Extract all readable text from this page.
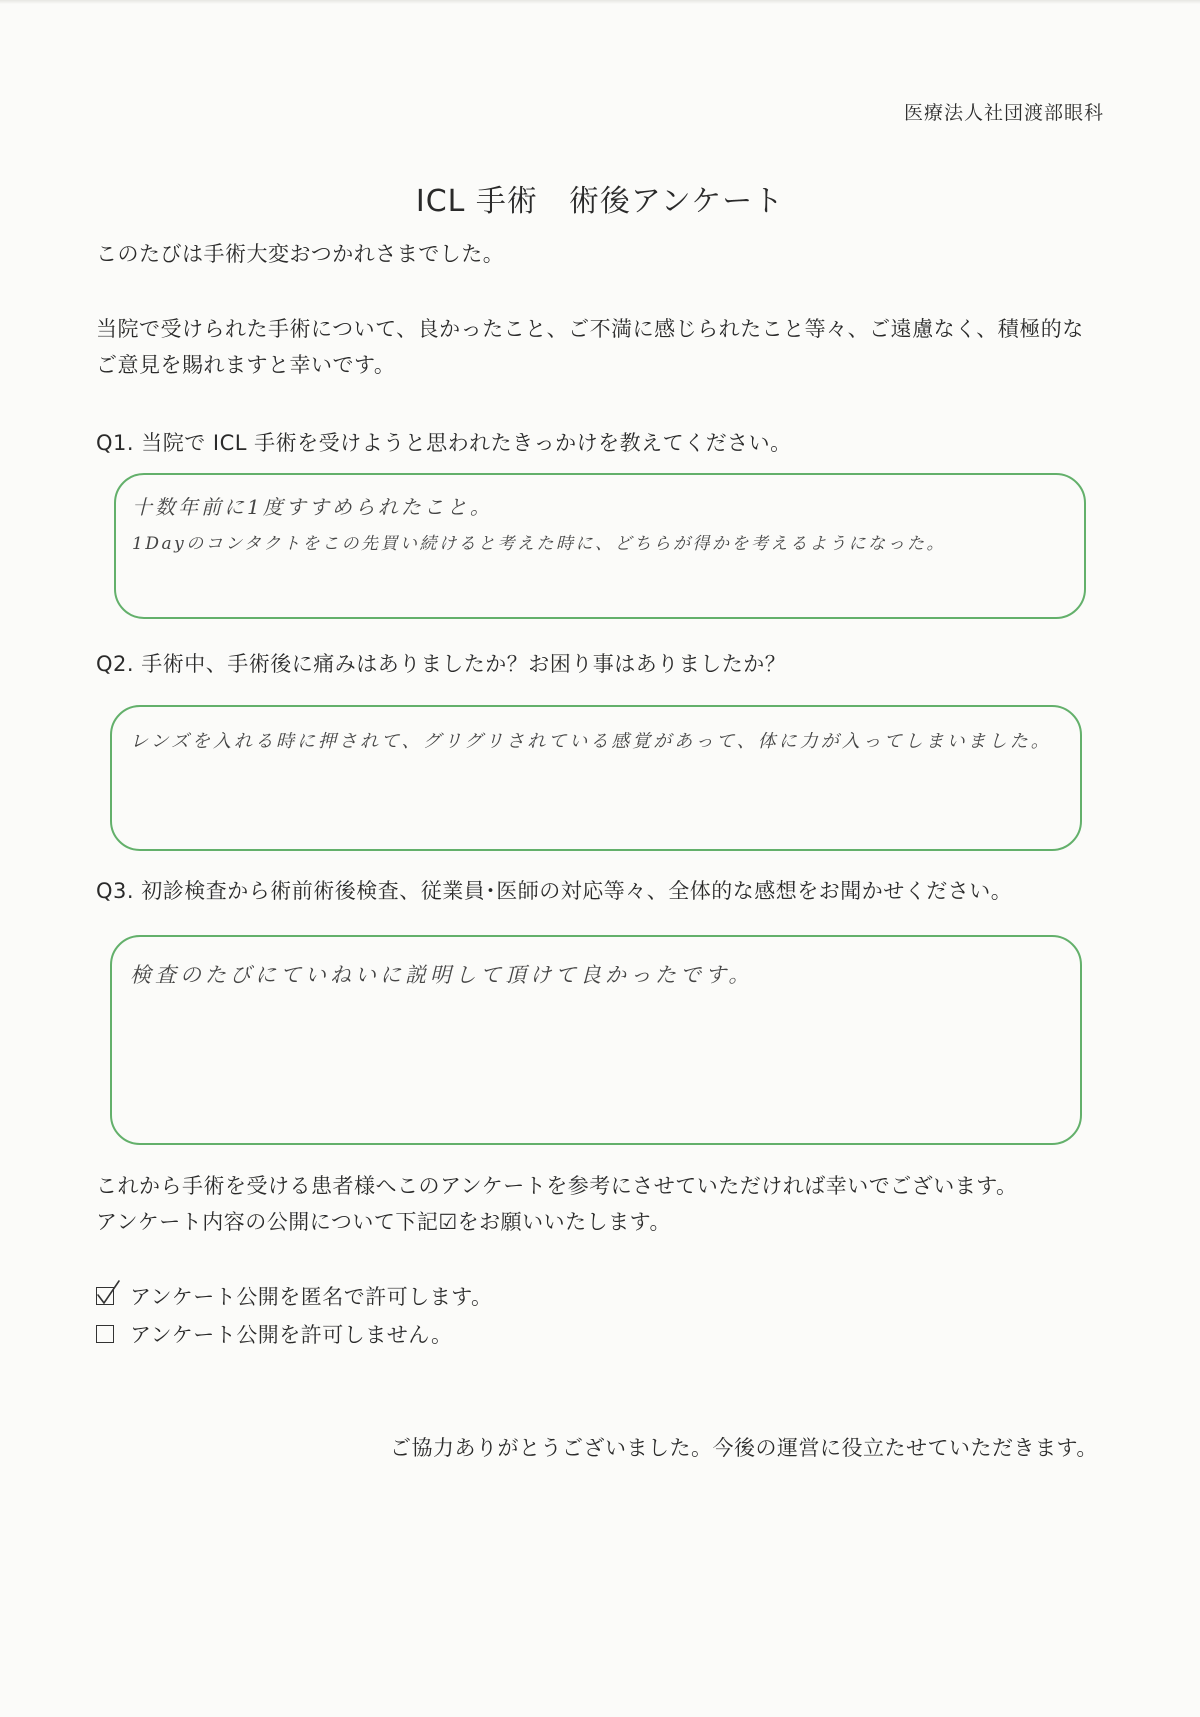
医療法人社団渡部眼科
ICL 手術　術後アンケート
このたびは手術大変おつかれさまでした。
当院で受けられた手術について、良かったこと、ご不満に感じられたこと等々、ご遠慮なく、積極的な
ご意見を賜れますと幸いです。
Q1. 当院で ICL 手術を受けようと思われたきっかけを教えてください。
十数年前に1度すすめられたこと。
1Dayのコンタクトをこの先買い続けると考えた時に、どちらが得かを考えるようになった。
Q2. 手術中、手術後に痛みはありましたか？お困り事はありましたか？
レンズを入れる時に押されて、グリグリされている感覚があって、体に力が入ってしまいました。
Q3. 初診検査から術前術後検査、従業員･医師の対応等々、全体的な感想をお聞かせください。
検査のたびにていねいに説明して頂けて良かったです。
これから手術を受ける患者様へこのアンケートを参考にさせていただければ幸いでございます。
アンケート内容の公開について下記☑をお願いいたします。
アンケート公開を匿名で許可します。
アンケート公開を許可しません。
ご協力ありがとうございました。今後の運営に役立たせていただきます。
